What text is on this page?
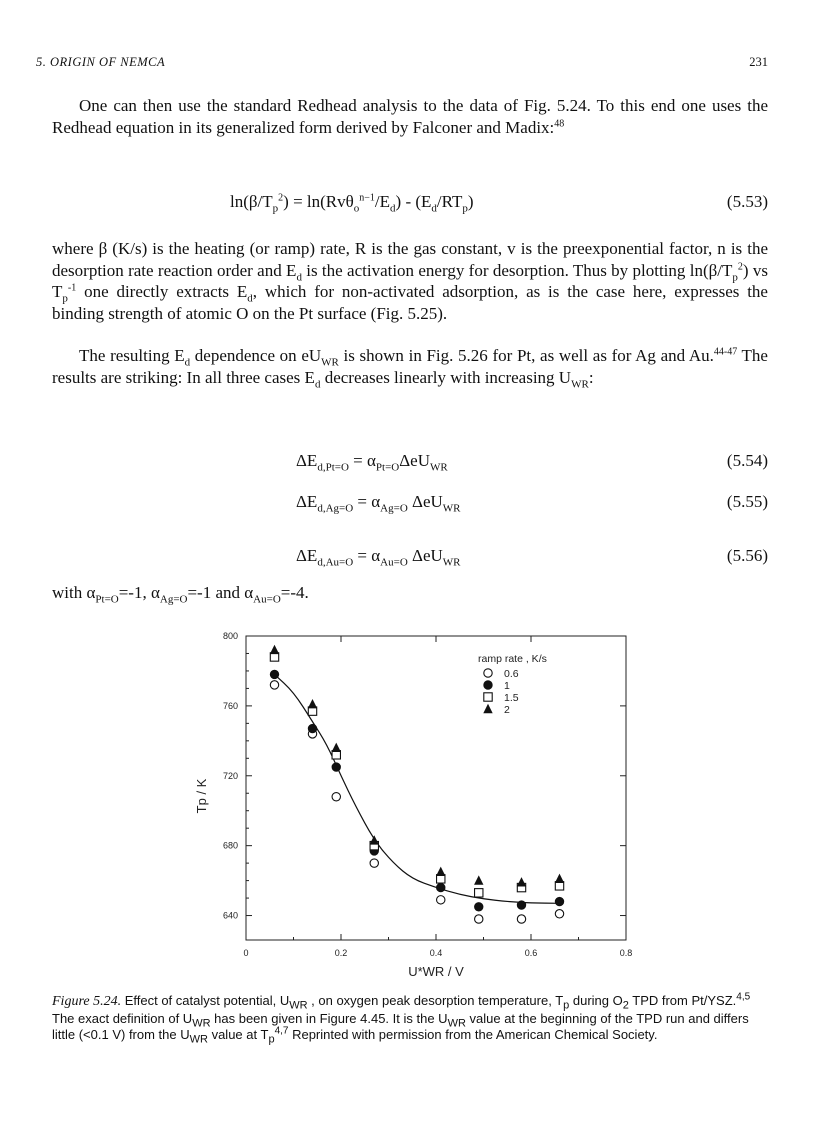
5. ORIGIN OF NEMCA	231

One can then use the standard Redhead analysis to the data of Fig. 5.24. To this end one uses the Redhead equation in its generalized form derived by Falconer and Madix:$^{48}$

$\ln(\beta/T_p^2) = \ln(Rv\theta_o^{n-1}/E_d) - (E_d/RT_p)$	(5.53)

where β (K/s) is the heating (or ramp) rate, R is the gas constant, v is the preexponential factor, n is the desorption rate reaction order and $E_d$ is the activation energy for desorption. Thus by plotting $\ln(\beta/T_p^2)$ vs $T_p^{-1}$ one directly extracts $E_d$, which for non-activated adsorption, as is the case here, expresses the binding strength of atomic O on the Pt surface (Fig. 5.25).

The resulting $E_d$ dependence on $eU_{WR}$ is shown in Fig. 5.26 for Pt, as well as for Ag and Au.$^{44-47}$ The results are striking: In all three cases $E_d$ decreases linearly with increasing $U_{WR}$:

$\Delta E_{d,Pt=O} = \alpha_{Pt=O}\Delta eU_{WR}$	(5.54)
$\Delta E_{d,Ag=O} = \alpha_{Ag=O}$ ΔeU$_{WR}$	(5.55)
$\Delta E_{d,Au=O} = \alpha_{Au=O}$ ΔeU$_{WR}$	(5.56)
with $\alpha_{Pt=O}=-1$, $\alpha_{Ag=O}=-1$ and $\alpha_{Au=O}=-4$.
0	0.2	0.4	0.6	0.8
640
680
720
760
800
U*WR / V
Tp / K
ramp rate , K/s
0.6
1
1.5
2
Figure 5.24. Effect of catalyst potential, $U_{WR}$ , on oxygen peak desorption temperature, $T_p$ during $O_2$ TPD from Pt/YSZ.$^{4,5}$ The exact definition of $U_{WR}$ has been given in Figure 4.45. It is the $U_{WR}$ value at the beginning of the TPD run and differs little (<0.1 V) from the $U_{WR}$ value at $T_p^{4,7}$ Reprinted with permission from the American Chemical Society.
